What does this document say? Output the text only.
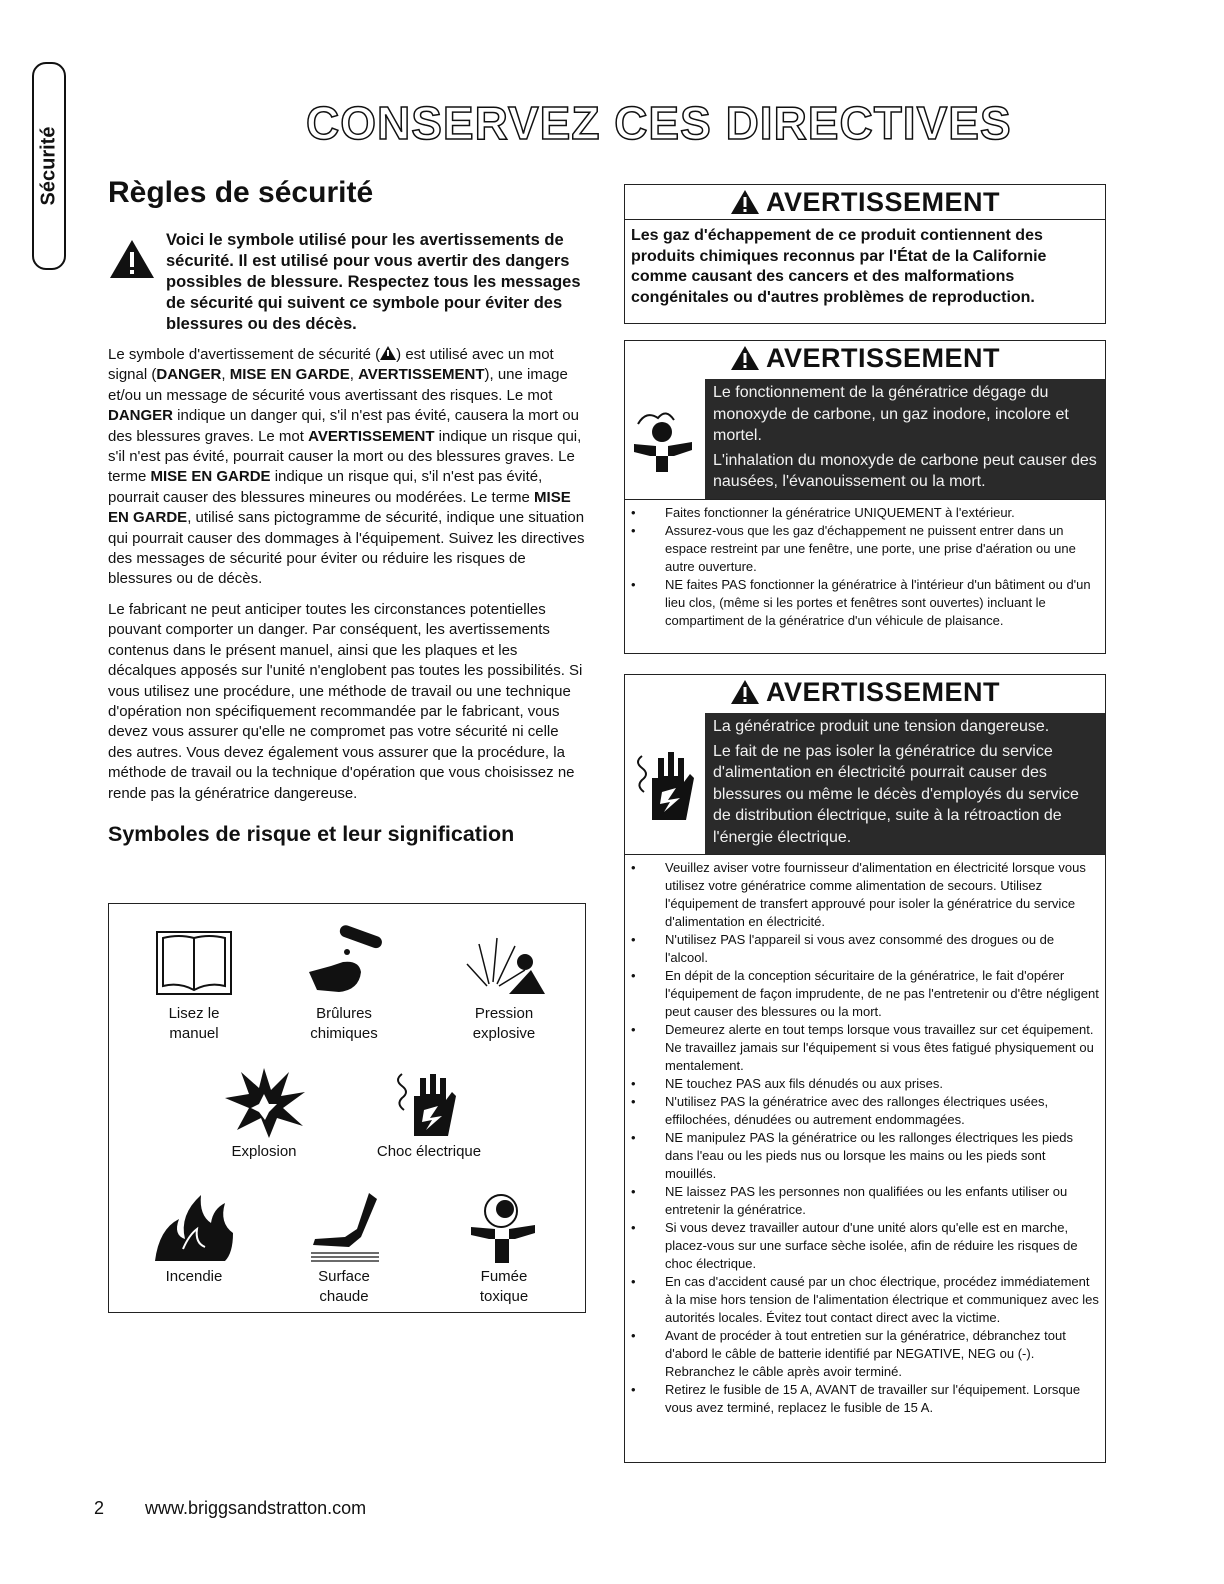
Sécurité
CONSERVEZ CES DIRECTIVES
Règles de sécurité
Voici le symbole utilisé pour les avertissements de sécurité. Il est utilisé pour vous avertir des dangers possibles de blessure. Respectez tous les messages de sécurité qui suivent ce symbole pour éviter des blessures ou des décès.

Le symbole d'avertissement de sécurité ( ) est utilisé avec un mot signal (DANGER, MISE EN GARDE, AVERTISSEMENT), une image et/ou un message de sécurité vous avertissant des risques. Le mot DANGER indique un danger qui, s'il n'est pas évité, causera la mort ou des blessures graves. Le mot AVERTISSEMENT indique un risque qui, s'il n'est pas évité, pourrait causer la mort ou des blessures graves. Le terme MISE EN GARDE indique un risque qui, s'il n'est pas évité, pourrait causer des blessures mineures ou modérées. Le terme MISE EN GARDE, utilisé sans pictogramme de sécurité, indique une situation qui pourrait causer des dommages à l'équipement. Suivez les directives des messages de sécurité pour éviter ou réduire les risques de blessures ou de décès.

Le fabricant ne peut anticiper toutes les circonstances potentielles pouvant comporter un danger. Par conséquent, les avertissements contenus dans le présent manuel, ainsi que les plaques et les décalques apposés sur l'unité n'englobent pas toutes les possibilités. Si vous utilisez une procédure, une méthode de travail ou une technique d'opération non spécifiquement recommandée par le fabricant, vous devez vous assurer qu'elle ne compromet pas votre sécurité ni celle des autres. Vous devez également vous assurer que la procédure, la méthode de travail ou la technique d'opération que vous choisissez ne rende pas la génératrice dangereuse.

Symboles de risque et leur signification
Lisez le
manuel
Brûlures
chimiques
Pression
explosive
Explosion	Choc électrique
Incendie	Surface
chaude
Fumée
toxique
AVERTISSEMENT
Les gaz d'échappement de ce produit contiennent des produits chimiques reconnus par l'État de la Californie comme causant des cancers et des malformations congénitales ou d'autres problèmes de reproduction.
AVERTISSEMENT

Le fonctionnement de la génératrice dégage du monoxyde de carbone, un gaz inodore, incolore et mortel.

L'inhalation du monoxyde de carbone peut causer des nausées, l'évanouissement ou la mort.

• Faites fonctionner la génératrice UNIQUEMENT à l'extérieur.
• Assurez-vous que les gaz d'échappement ne puissent entrer dans un espace restreint par une fenêtre, une porte, une prise d'aération ou une autre ouverture.
• NE faites PAS fonctionner la génératrice à l'intérieur d'un bâtiment ou d'un lieu clos, (même si les portes et fenêtres sont ouvertes) incluant le compartiment de la génératrice d'un véhicule de plaisance.
AVERTISSEMENT

La génératrice produit une tension dangereuse.

Le fait de ne pas isoler la génératrice du service d'alimentation en électricité pourrait causer des blessures ou même le décès d'employés du service de distribution électrique, suite à la rétroaction de l'énergie électrique.

• Veuillez aviser votre fournisseur d'alimentation en électricité lorsque vous utilisez votre génératrice comme alimentation de secours. Utilisez l'équipement de transfert approuvé pour isoler la génératrice du service d'alimentation en électricité.
• N'utilisez PAS l'appareil si vous avez consommé des drogues ou de l'alcool.
• En dépit de la conception sécuritaire de la génératrice, le fait d'opérer l'équipement de façon imprudente, de ne pas l'entretenir ou d'être négligent peut causer des blessures ou la mort.
• Demeurez alerte en tout temps lorsque vous travaillez sur cet équipement. Ne travaillez jamais sur l'équipement si vous êtes fatigué physiquement ou mentalement.
• NE touchez PAS aux fils dénudés ou aux prises.
• N'utilisez PAS la génératrice avec des rallonges électriques usées, effilochées, dénudées ou autrement endommagées.
• NE manipulez PAS la génératrice ou les rallonges électriques les pieds dans l'eau ou les pieds nus ou lorsque les mains ou les pieds sont mouillés.
• NE laissez PAS les personnes non qualifiées ou les enfants utiliser ou entretenir la génératrice.
• Si vous devez travailler autour d'une unité alors qu'elle est en marche, placez-vous sur une surface sèche isolée, afin de réduire les risques de choc électrique.
• En cas d'accident causé par un choc électrique, procédez immédiatement à la mise hors tension de l'alimentation électrique et communiquez avec les autorités locales. Évitez tout contact direct avec la victime.
• Avant de procéder à tout entretien sur la génératrice, débranchez tout d'abord le câble de batterie identifié par NEGATIVE, NEG ou (-). Rebranchez le câble après avoir terminé.
• Retirez le fusible de 15 A, AVANT de travailler sur l'équipement. Lorsque vous avez terminé, replacez le fusible de 15 A.
2 www.briggsandstratton.com
